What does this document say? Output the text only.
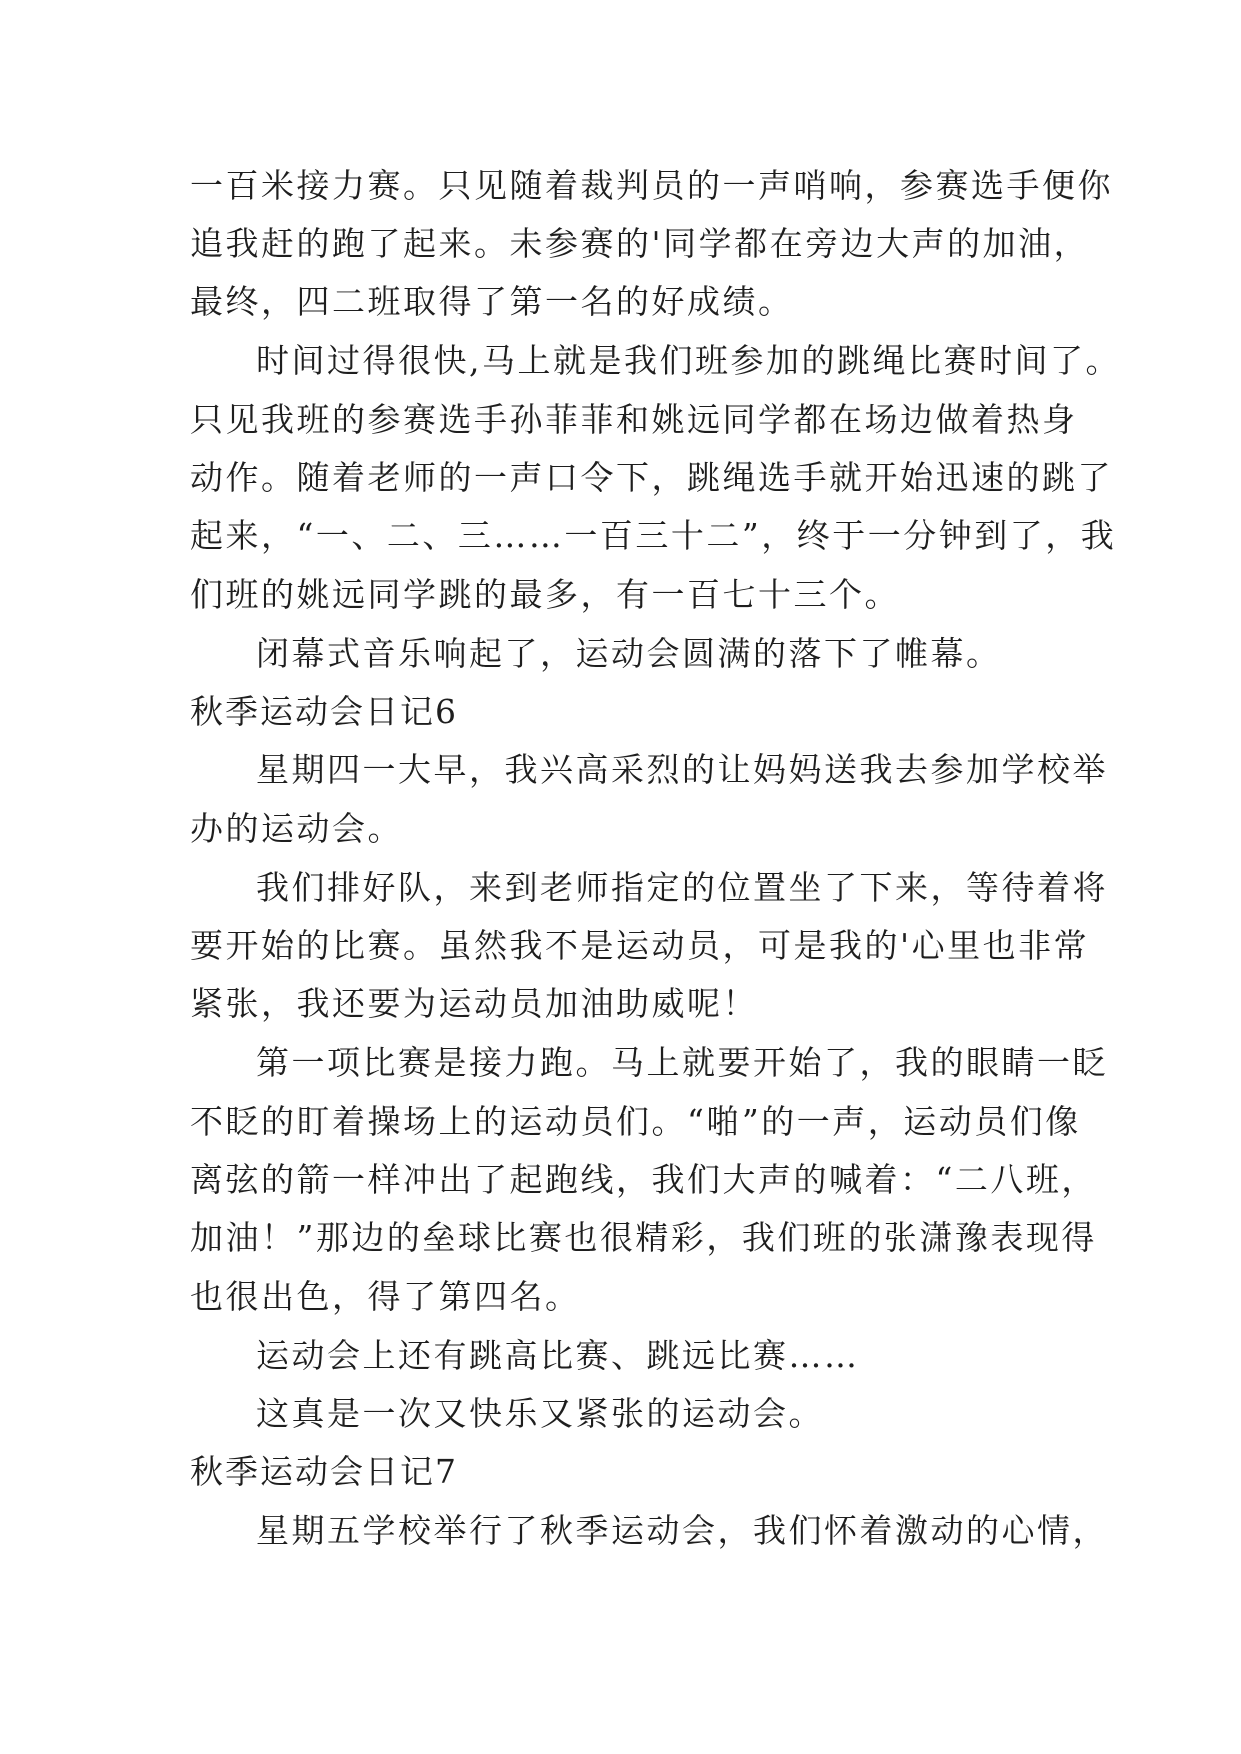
一百米接力赛。只见随着裁判员的一声哨响，参赛选手便你
追我赶的跑了起来。未参赛的'同学都在旁边大声的加油，
最终，四二班取得了第一名的好成绩。
时间过得很快,马上就是我们班参加的跳绳比赛时间了。
只见我班的参赛选手孙菲菲和姚远同学都在场边做着热身
动作。随着老师的一声口令下，跳绳选手就开始迅速的跳了
起来，“一、二、三……一百三十二”，终于一分钟到了，我
们班的姚远同学跳的最多，有一百七十三个。
闭幕式音乐响起了，运动会圆满的落下了帷幕。
秋季运动会日记6
星期四一大早，我兴高采烈的让妈妈送我去参加学校举
办的运动会。
我们排好队，来到老师指定的位置坐了下来，等待着将
要开始的比赛。虽然我不是运动员，可是我的'心里也非常
紧张，我还要为运动员加油助威呢！
第一项比赛是接力跑。马上就要开始了，我的眼睛一眨
不眨的盯着操场上的运动员们。“啪”的一声，运动员们像
离弦的箭一样冲出了起跑线，我们大声的喊着：“二八班，
加油！”那边的垒球比赛也很精彩，我们班的张潇豫表现得
也很出色，得了第四名。
运动会上还有跳高比赛、跳远比赛……
这真是一次又快乐又紧张的运动会。
秋季运动会日记7
星期五学校举行了秋季运动会，我们怀着激动的心情，
